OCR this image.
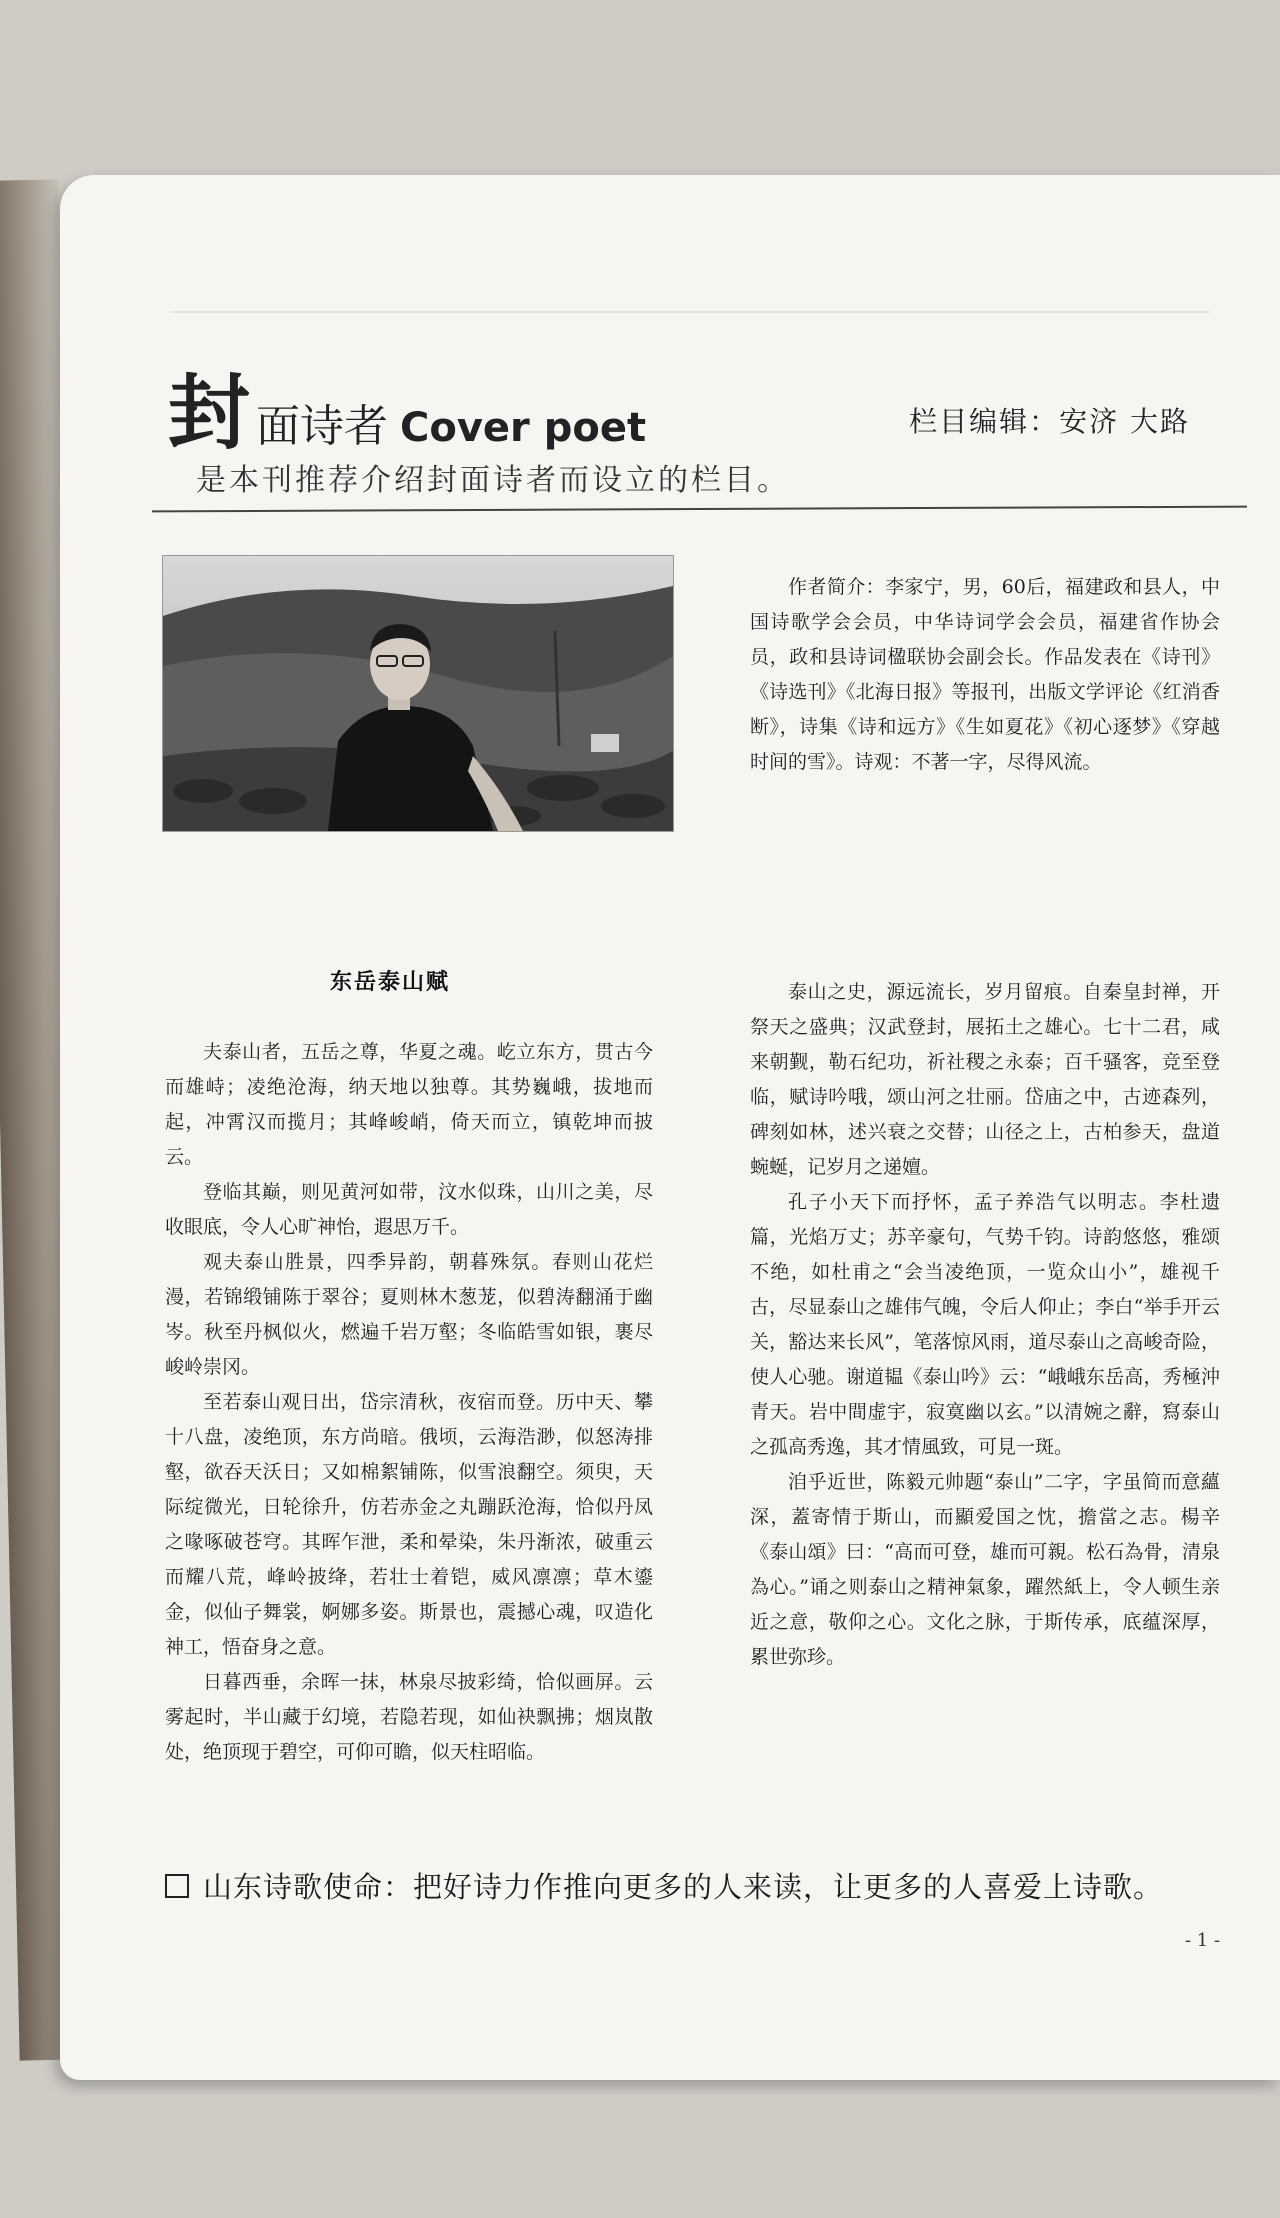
封面诗者 Cover poet	栏目编辑：安济 大路
是本刊推荐介绍封面诗者而设立的栏目。

作者简介：李家宁，男，60后，福建政和县人，中国诗歌学会会员，中华诗词学会会员，福建省作协会员，政和县诗词楹联协会副会长。作品发表在《诗刊》《诗选刊》《北海日报》等报刊，出版文学评论《红消香断》，诗集《诗和远方》《生如夏花》《初心逐梦》《穿越时间的雪》。诗观：不著一字，尽得风流。

东岳泰山赋

夫泰山者，五岳之尊，华夏之魂。屹立东方，贯古今而雄峙；凌绝沧海，纳天地以独尊。其势巍峨，拔地而起，冲霄汉而揽月；其峰峻峭，倚天而立，镇乾坤而披云。

登临其巅，则见黄河如带，汶水似珠，山川之美，尽收眼底，令人心旷神怡，遐思万千。

观夫泰山胜景，四季异韵，朝暮殊氛。春则山花烂漫，若锦缎铺陈于翠谷；夏则林木葱茏，似碧涛翻涌于幽岑。秋至丹枫似火，燃遍千岩万壑；冬临皓雪如银，裹尽峻岭崇冈。

至若泰山观日出，岱宗清秋，夜宿而登。历中天、攀十八盘，凌绝顶，东方尚暗。俄顷，云海浩渺，似怒涛排壑，欲吞天沃日；又如棉絮铺陈，似雪浪翻空。须臾，天际绽微光，日轮徐升，仿若赤金之丸蹦跃沧海，恰似丹凤之喙啄破苍穹。其晖乍泄，柔和晕染，朱丹渐浓，破重云而耀八荒，峰岭披绛，若壮士着铠，威风凛凛；草木鎏金，似仙子舞裳，婀娜多姿。斯景也，震撼心魂，叹造化神工，悟奋身之意。

日暮西垂，余晖一抹，林泉尽披彩绮，恰似画屏。云雾起时，半山藏于幻境，若隐若现，如仙袂飘拂；烟岚散处，绝顶现于碧空，可仰可瞻，似天柱昭临。

泰山之史，源远流长，岁月留痕。自秦皇封禅，开祭天之盛典；汉武登封，展拓土之雄心。七十二君，咸来朝觐，勒石纪功，祈社稷之永泰；百千骚客，竞至登临，赋诗吟哦，颂山河之壮丽。岱庙之中，古迹森列，碑刻如林，述兴衰之交替；山径之上，古柏参天，盘道蜿蜒，记岁月之递嬗。

孔子小天下而抒怀，孟子养浩气以明志。李杜遗篇，光焰万丈；苏辛豪句，气势千钧。诗韵悠悠，雅颂不绝，如杜甫之“会当凌绝顶，一览众山小”，雄视千古，尽显泰山之雄伟气魄，令后人仰止；李白“举手开云关，豁达来长风”，笔落惊风雨，道尽泰山之高峻奇险，使人心驰。谢道韫《泰山吟》云：“峨峨东岳高，秀極沖青天。岩中間虚宇，寂寞幽以玄。”以清婉之辭，寫泰山之孤高秀逸，其才情風致，可見一斑。

洎乎近世，陈毅元帅题“泰山”二字，字虽简而意蘊深，蓋寄情于斯山，而顯爱国之忱，擔當之志。楊辛《泰山頌》曰：“高而可登，雄而可親。松石為骨，清泉為心。”诵之则泰山之精神氣象，躍然紙上，令人顿生亲近之意，敬仰之心。文化之脉，于斯传承，底蕴深厚，累世弥珍。

山东诗歌使命：把好诗力作推向更多的人来读，让更多的人喜爱上诗歌。
- 1 -
